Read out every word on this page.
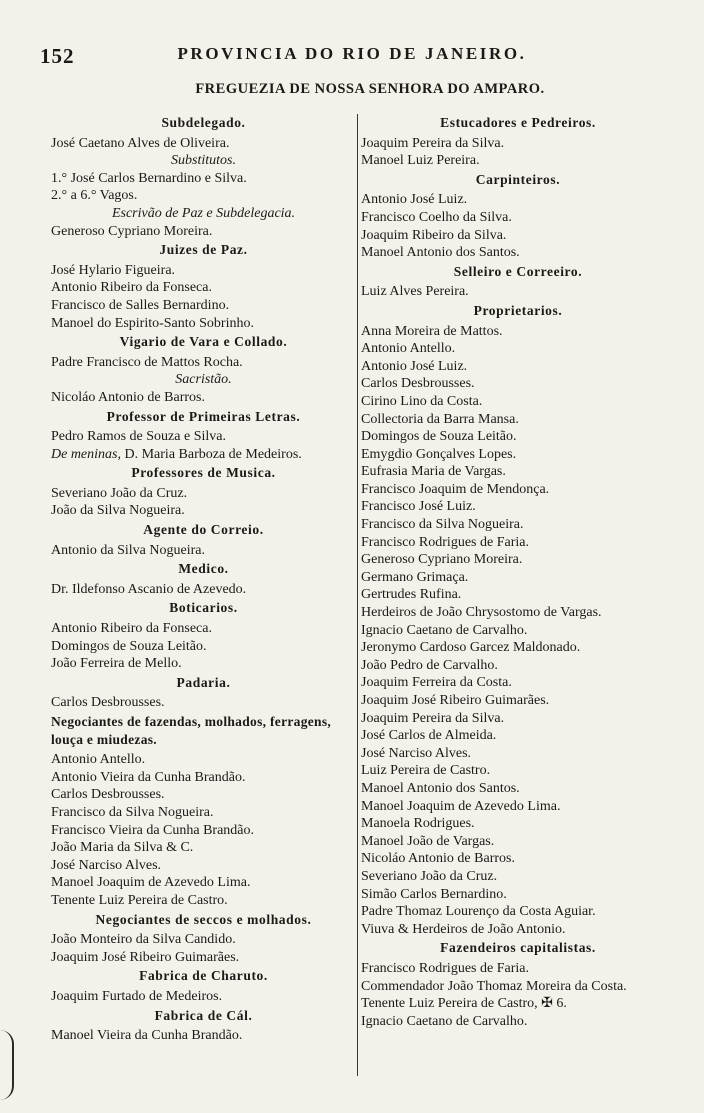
152	PROVINCIA DO RIO DE JANEIRO.
FREGUEZIA DE NOSSA SENHORA DO AMPARO.
Subdelegado.
José Caetano Alves de Oliveira.
Substitutos.
1.° José Carlos Bernardino e Silva.
2.° a 6.° Vagos.
Escrivão de Paz e Subdelegacia.
Generoso Cypriano Moreira.
Juizes de Paz.
José Hylario Figueira.
Antonio Ribeiro da Fonseca.
Francisco de Salles Bernardino.
Manoel do Espirito-Santo Sobrinho.
Vigario de Vara e Collado.
Padre Francisco de Mattos Rocha.
Sacristão.
Nicoláo Antonio de Barros.
Professor de Primeiras Letras.
Pedro Ramos de Souza e Silva.
De meninas, D. Maria Barboza de Medeiros.
Professores de Musica.
Severiano João da Cruz.
João da Silva Nogueira.
Agente do Correio.
Antonio da Silva Nogueira.
Medico.
Dr. Ildefonso Ascanio de Azevedo.
Boticarios.
Antonio Ribeiro da Fonseca.
Domingos de Souza Leitão.
João Ferreira de Mello.
Padaria.
Carlos Desbrousses.
Negociantes de fazendas, molhados, ferragens, louça e miudezas.
Antonio Antello.
Antonio Vieira da Cunha Brandão.
Carlos Desbrousses.
Francisco da Silva Nogueira.
Francisco Vieira da Cunha Brandão.
João Maria da Silva & C.
José Narciso Alves.
Manoel Joaquim de Azevedo Lima.
Tenente Luiz Pereira de Castro.
Negociantes de seccos e molhados.
João Monteiro da Silva Candido.
Joaquim José Ribeiro Guimarães.
Fabrica de Charuto.
Joaquim Furtado de Medeiros.
Fabrica de Cál.
Manoel Vieira da Cunha Brandão.
Estucadores e Pedreiros.
Joaquim Pereira da Silva.
Manoel Luiz Pereira.
Carpinteiros.
Antonio José Luiz.
Francisco Coelho da Silva.
Joaquim Ribeiro da Silva.
Manoel Antonio dos Santos.
Selleiro e Correeiro.
Luiz Alves Pereira.
Proprietarios.
Anna Moreira de Mattos.
Antonio Antello.
Antonio José Luiz.
Carlos Desbrousses.
Cirino Lino da Costa.
Collectoria da Barra Mansa.
Domingos de Souza Leitão.
Emygdio Gonçalves Lopes.
Eufrasia Maria de Vargas.
Francisco Joaquim de Mendonça.
Francisco José Luiz.
Francisco da Silva Nogueira.
Francisco Rodrigues de Faria.
Generoso Cypriano Moreira.
Germano Grimaça.
Gertrudes Rufina.
Herdeiros de João Chrysostomo de Vargas.
Ignacio Caetano de Carvalho.
Jeronymo Cardoso Garcez Maldonado.
João Pedro de Carvalho.
Joaquim Ferreira da Costa.
Joaquim José Ribeiro Guimarães.
Joaquim Pereira da Silva.
José Carlos de Almeida.
José Narciso Alves.
Luiz Pereira de Castro.
Manoel Antonio dos Santos.
Manoel Joaquim de Azevedo Lima.
Manoela Rodrigues.
Manoel João de Vargas.
Nicoláo Antonio de Barros.
Severiano João da Cruz.
Simão Carlos Bernardino.
Padre Thomaz Lourenço da Costa Aguiar.
Viuva & Herdeiros de João Antonio.
Fazendeiros capitalistas.
Francisco Rodrigues de Faria.
Commendador João Thomaz Moreira da Costa.
Tenente Luiz Pereira de Castro, ✠ 6.
Ignacio Caetano de Carvalho.
